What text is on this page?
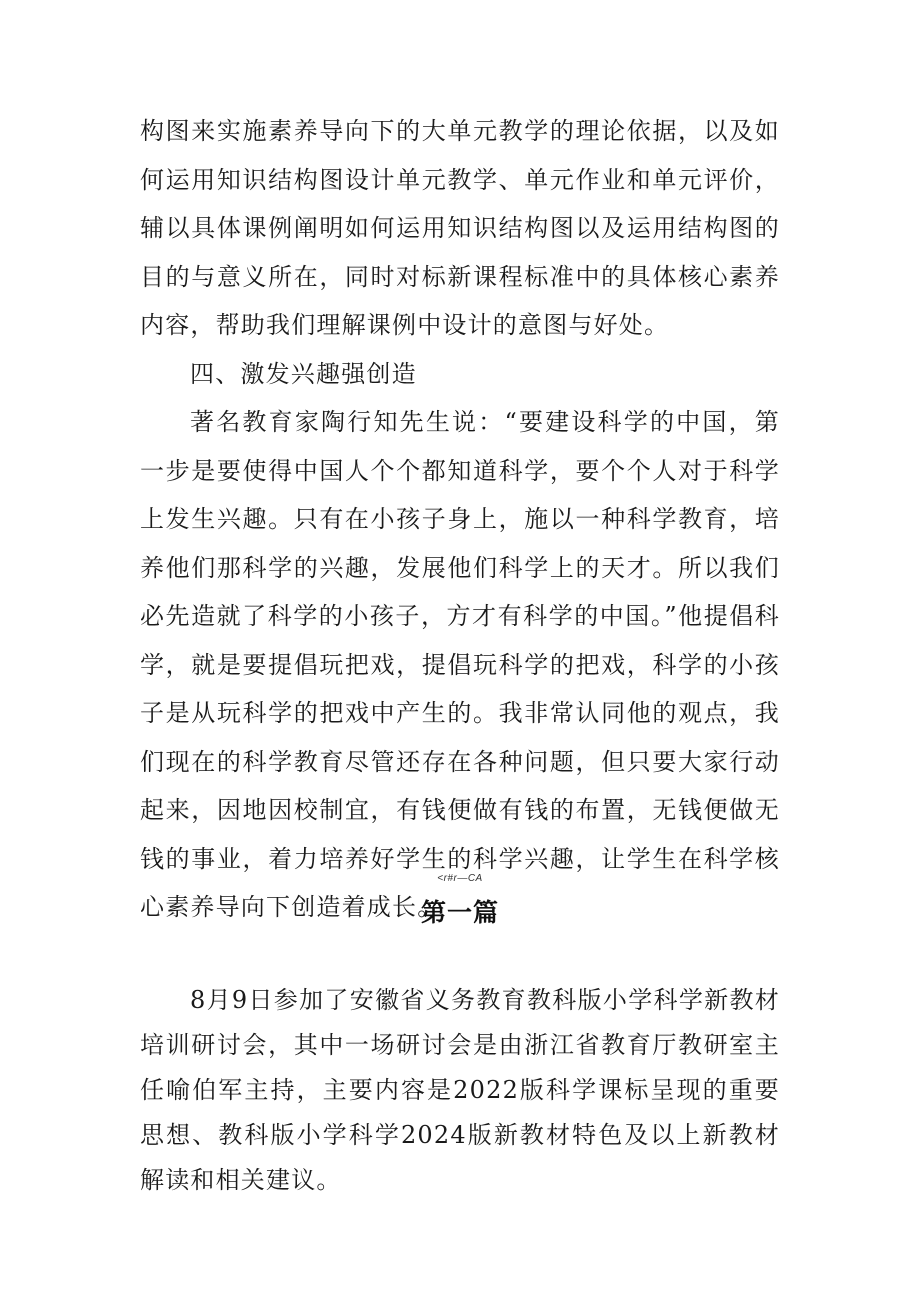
构图来实施素养导向下的大单元教学的理论依据，以及如何运用知识结构图设计单元教学、单元作业和单元评价，辅以具体课例阐明如何运用知识结构图以及运用结构图的目的与意义所在，同时对标新课程标准中的具体核心素养内容，帮助我们理解课例中设计的意图与好处。

四、激发兴趣强创造

著名教育家陶行知先生说：“要建设科学的中国，第一步是要使得中国人个个都知道科学，要个个人对于科学上发生兴趣。只有在小孩子身上，施以一种科学教育，培养他们那科学的兴趣，发展他们科学上的天才。所以我们必先造就了科学的小孩子，方才有科学的中国。”他提倡科学，就是要提倡玩把戏，提倡玩科学的把戏，科学的小孩子是从玩科学的把戏中产生的。我非常认同他的观点，我们现在的科学教育尽管还存在各种问题，但只要大家行动起来，因地因校制宜，有钱便做有钱的布置，无钱便做无钱的事业，着力培养好学生的科学兴趣，让学生在科学核心素养导向下创造着成长。

<r#r—CA
第一篇

8月9日参加了安徽省义务教育教科版小学科学新教材培训研讨会，其中一场研讨会是由浙江省教育厅教研室主任喻伯军主持，主要内容是2022版科学课标呈现的重要思想、教科版小学科学2024版新教材特色及以上新教材解读和相关建议。
